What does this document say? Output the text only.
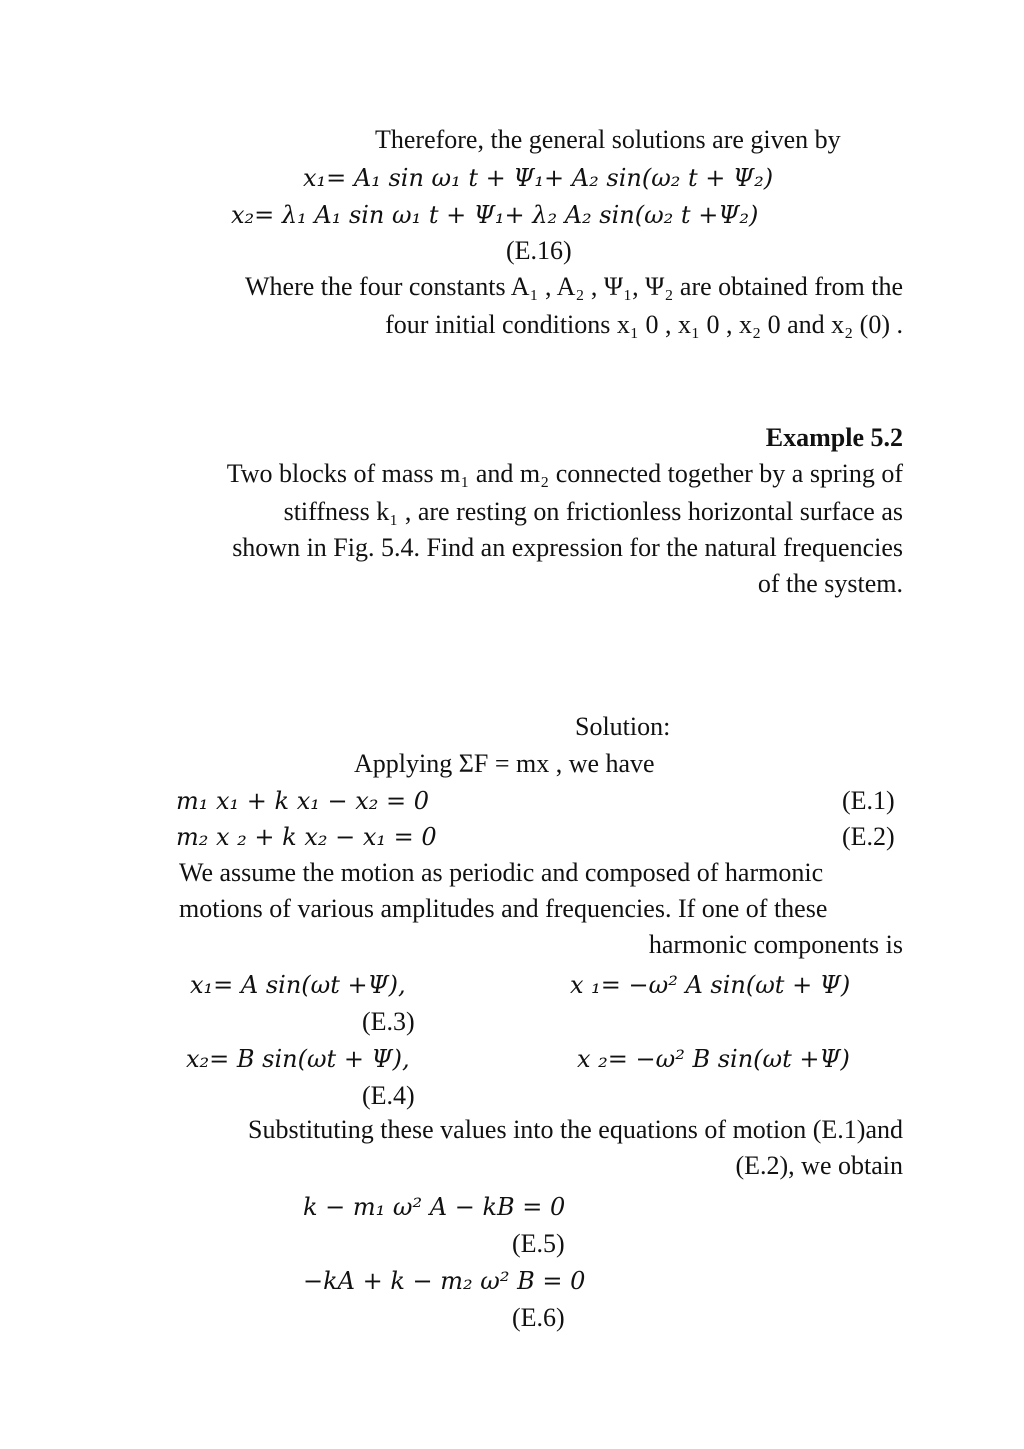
Therefore, the general solutions are given by
x₁= A₁ sin ω₁ t + Ψ₁+ A₂ sin(ω₂ t + Ψ₂)
x₂= λ₁ A₁ sin ω₁ t + Ψ₁+ λ₂ A₂ sin(ω₂ t +Ψ₂)
(E.16)
Where the four constants A₁ , A₂ , Ψ₁, Ψ₂ are obtained from the
four initial conditions x₁ 0 , x₁ 0 , x₂ 0 and x₂ (0) .
Example 5.2
Two blocks of mass m₁ and m₂ connected together by a spring of
stiffness k₁ , are resting on frictionless horizontal surface as
shown in Fig. 5.4. Find an expression for the natural frequencies
of the system.
Solution:
Applying ΣF = mx , we have
m₁ x₁ + k x₁ − x₂ = 0	(E.1)
m₂ x ₂ + k x₂ − x₁ = 0	(E.2)
We assume the motion as periodic and composed of harmonic
motions of various amplitudes and frequencies. If one of these
harmonic components is
x₁= A sin(ωt +Ψ),	x ₁= −ω² A sin(ωt + Ψ)
(E.3)
x₂= B sin(ωt + Ψ),	x ₂= −ω² B sin(ωt +Ψ)
(E.4)
Substituting these values into the equations of motion (E.1)and
(E.2), we obtain
k − m₁ ω² A − kB = 0
(E.5)
−kA + k − m₂ ω² B = 0
(E.6)
